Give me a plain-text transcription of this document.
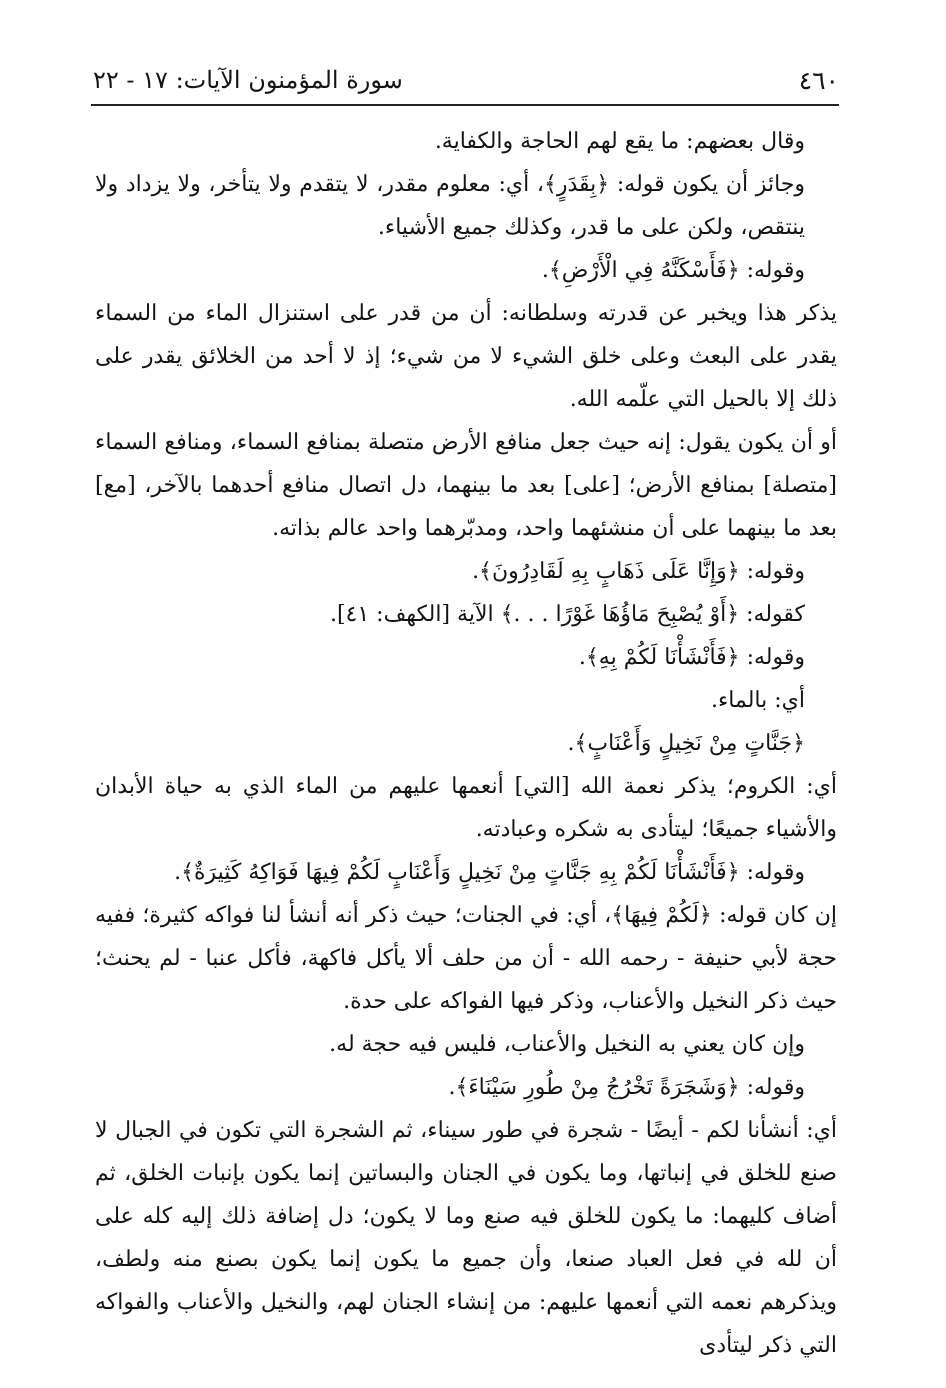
٤٦٠
سورة المؤمنون الآيات: ١٧ - ٢٢

وقال بعضهم: ما يقع لهم الحاجة والكفاية.

وجائز أن يكون قوله: ﴿بِقَدَرٍ﴾، أي: معلوم مقدر، لا يتقدم ولا يتأخر، ولا يزداد ولا ينتقص، ولكن على ما قدر، وكذلك جميع الأشياء.

وقوله: ﴿فَأَسْكَنَّهُ فِي الْأَرْضِ﴾.

يذكر هذا ويخبر عن قدرته وسلطانه: أن من قدر على استنزال الماء من السماء يقدر على البعث وعلى خلق الشيء لا من شيء؛ إذ لا أحد من الخلائق يقدر على ذلك إلا بالحيل التي علّمه الله.

أو أن يكون يقول: إنه حيث جعل منافع الأرض متصلة بمنافع السماء، ومنافع السماء [متصلة] بمنافع الأرض؛ [على] بعد ما بينهما، دل اتصال منافع أحدهما بالآخر، [مع] بعد ما بينهما على أن منشئهما واحد، ومدبّرهما واحد عالم بذاته.

وقوله: ﴿وَإِنَّا عَلَى ذَهَابٍ بِهِ لَقَادِرُونَ﴾.

كقوله: ﴿أَوْ يُصْبِحَ مَاؤُهَا غَوْرًا . . .﴾ الآية [الكهف: ٤١].

وقوله: ﴿فَأَنْشَأْنَا لَكُمْ بِهِ﴾.

أي: بالماء.

﴿جَنَّاتٍ مِنْ نَخِيلٍ وَأَعْنَابٍ﴾.

أي: الكروم؛ يذكر نعمة الله [التي] أنعمها عليهم من الماء الذي به حياة الأبدان والأشياء جميعًا؛ ليتأدى به شكره وعبادته.

وقوله: ﴿فَأَنْشَأْنَا لَكُمْ بِهِ جَنَّاتٍ مِنْ نَخِيلٍ وَأَعْنَابٍ لَكُمْ فِيهَا فَوَاكِهُ كَثِيرَةٌ﴾.

إن كان قوله: ﴿لَكُمْ فِيهَا﴾، أي: في الجنات؛ حيث ذكر أنه أنشأ لنا فواكه كثيرة؛ ففيه حجة لأبي حنيفة - رحمه الله - أن من حلف ألا يأكل فاكهة، فأكل عنبا - لم يحنث؛ حيث ذكر النخيل والأعناب، وذكر فيها الفواكه على حدة.

وإن كان يعني به النخيل والأعناب، فليس فيه حجة له.

وقوله: ﴿وَشَجَرَةً تَخْرُجُ مِنْ طُورِ سَيْنَاءَ﴾.

أي: أنشأنا لكم - أيضًا - شجرة في طور سيناء، ثم الشجرة التي تكون في الجبال لا صنع للخلق في إنباتها، وما يكون في الجنان والبساتين إنما يكون بإنبات الخلق، ثم أضاف كليهما: ما يكون للخلق فيه صنع وما لا يكون؛ دل إضافة ذلك إليه كله على أن لله في فعل العباد صنعا، وأن جميع ما يكون إنما يكون بصنع منه ولطف، ويذكرهم نعمه التي أنعمها عليهم: من إنشاء الجنان لهم، والنخيل والأعناب والفواكه التي ذكر ليتأدى
